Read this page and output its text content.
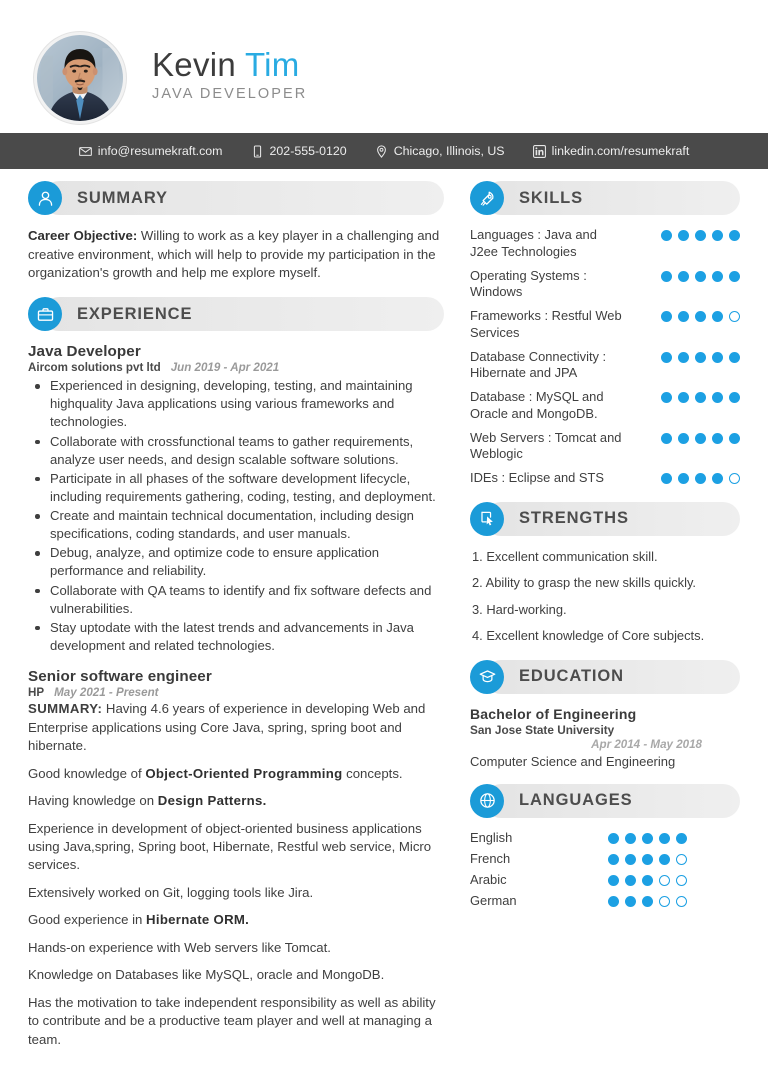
Kevin Tim
JAVA DEVELOPER
info@resumekraft.com	202-555-0120	Chicago, Illinois, US	linkedin.com/resumekraft
SUMMARY
Career Objective: Willing to work as a key player in a challenging and creative environment, which will help to provide my participation in the organization's growth and help me explore myself.
EXPERIENCE
Java Developer
Aircom solutions pvt ltd Jun 2019 - Apr 2021
Experienced in designing, developing, testing, and maintaining highquality Java applications using various frameworks and technologies.
Collaborate with crossfunctional teams to gather requirements, analyze user needs, and design scalable software solutions.
Participate in all phases of the software development lifecycle, including requirements gathering, coding, testing, and deployment.
Create and maintain technical documentation, including design specifications, coding standards, and user manuals.
Debug, analyze, and optimize code to ensure application performance and reliability.
Collaborate with QA teams to identify and fix software defects and vulnerabilities.
Stay uptodate with the latest trends and advancements in Java development and related technologies.
Senior software engineer
HP May 2021 - Present
SUMMARY: Having 4.6 years of experience in developing Web and Enterprise applications using Core Java, spring, spring boot and hibernate.
Good knowledge of Object-Oriented Programming concepts.
Having knowledge on Design Patterns.
Experience in development of object-oriented business applications using Java,spring, Spring boot, Hibernate, Restful web service, Micro services.
Extensively worked on Git, logging tools like Jira.
Good experience in Hibernate ORM.
Hands-on experience with Web servers like Tomcat.
Knowledge on Databases like MySQL, oracle and MongoDB.
Has the motivation to take independent responsibility as well as ability to contribute and be a productive team player and well at managing a team.
SKILLS
Languages : Java and J2ee Technologies
Operating Systems : Windows
Frameworks : Restful Web Services
Database Connectivity : Hibernate and JPA
Database : MySQL and Oracle and MongoDB.
Web Servers : Tomcat and Weblogic
IDEs : Eclipse and STS
STRENGTHS
1. Excellent communication skill.
2. Ability to grasp the new skills quickly.
3. Hard-working.
4. Excellent knowledge of Core subjects.
EDUCATION
Bachelor of Engineering
San Jose State University
Apr 2014 - May 2018
Computer Science and Engineering
LANGUAGES
English
French
Arabic
German
